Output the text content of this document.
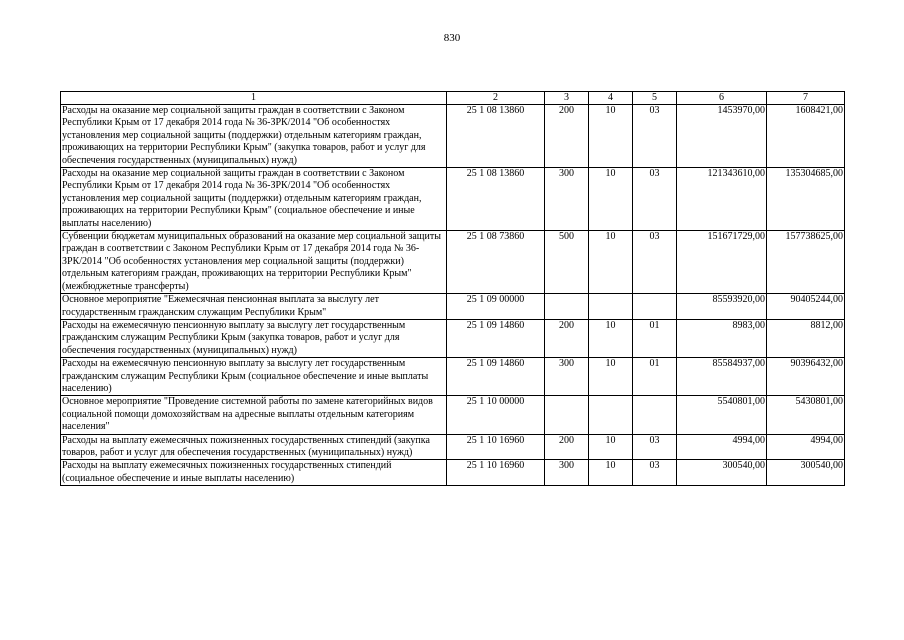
830
1	2	3	4	5	6	7
Расходы на оказание мер социальной защиты граждан в соответствии с Законом Республики Крым от 17 декабря 2014 года № 36-ЗРК/2014 "Об особенностях установления мер социальной защиты (поддержки) отдельным категориям граждан, проживающих на территории Республики Крым" (закупка товаров, работ и услуг для обеспечения государственных (муниципальных) нужд)	25 1 08 13860	200	10	03	1453970,00	1608421,00
Расходы на оказание мер социальной защиты граждан в соответствии с Законом Республики Крым от 17 декабря 2014 года № 36-ЗРК/2014 "Об особенностях установления мер социальной защиты (поддержки) отдельным категориям граждан, проживающих на территории Республики Крым" (социальное обеспечение и иные выплаты населению)	25 1 08 13860	300	10	03	121343610,00	135304685,00
Субвенции бюджетам муниципальных образований на оказание мер социальной защиты граждан в соответствии с Законом Республики Крым от 17 декабря 2014 года № 36-ЗРК/2014 "Об особенностях установления мер социальной защиты (поддержки) отдельным категориям граждан, проживающих на территории Республики Крым" (межбюджетные трансферты)	25 1 08 73860	500	10	03	151671729,00	157738625,00
Основное мероприятие "Ежемесячная пенсионная выплата за выслугу лет государственным гражданским служащим Республики Крым"	25 1 09 00000				85593920,00	90405244,00
Расходы на ежемесячную пенсионную выплату за выслугу лет государственным гражданским служащим Республики Крым (закупка товаров, работ и услуг для обеспечения государственных (муниципальных) нужд)	25 1 09 14860	200	10	01	8983,00	8812,00
Расходы на ежемесячную пенсионную выплату за выслугу лет государственным гражданским служащим Республики Крым (социальное обеспечение и иные выплаты населению)	25 1 09 14860	300	10	01	85584937,00	90396432,00
Основное мероприятие "Проведение системной работы по замене категорийных видов социальной помощи домохозяйствам на адресные выплаты отдельным категориям населения"	25 1 10 00000				5540801,00	5430801,00
Расходы на выплату ежемесячных пожизненных государственных стипендий (закупка товаров, работ и услуг для обеспечения государственных (муниципальных) нужд)	25 1 10 16960	200	10	03	4994,00	4994,00
Расходы на выплату ежемесячных пожизненных государственных стипендий (социальное обеспечение и иные выплаты населению)	25 1 10 16960	300	10	03	300540,00	300540,00
